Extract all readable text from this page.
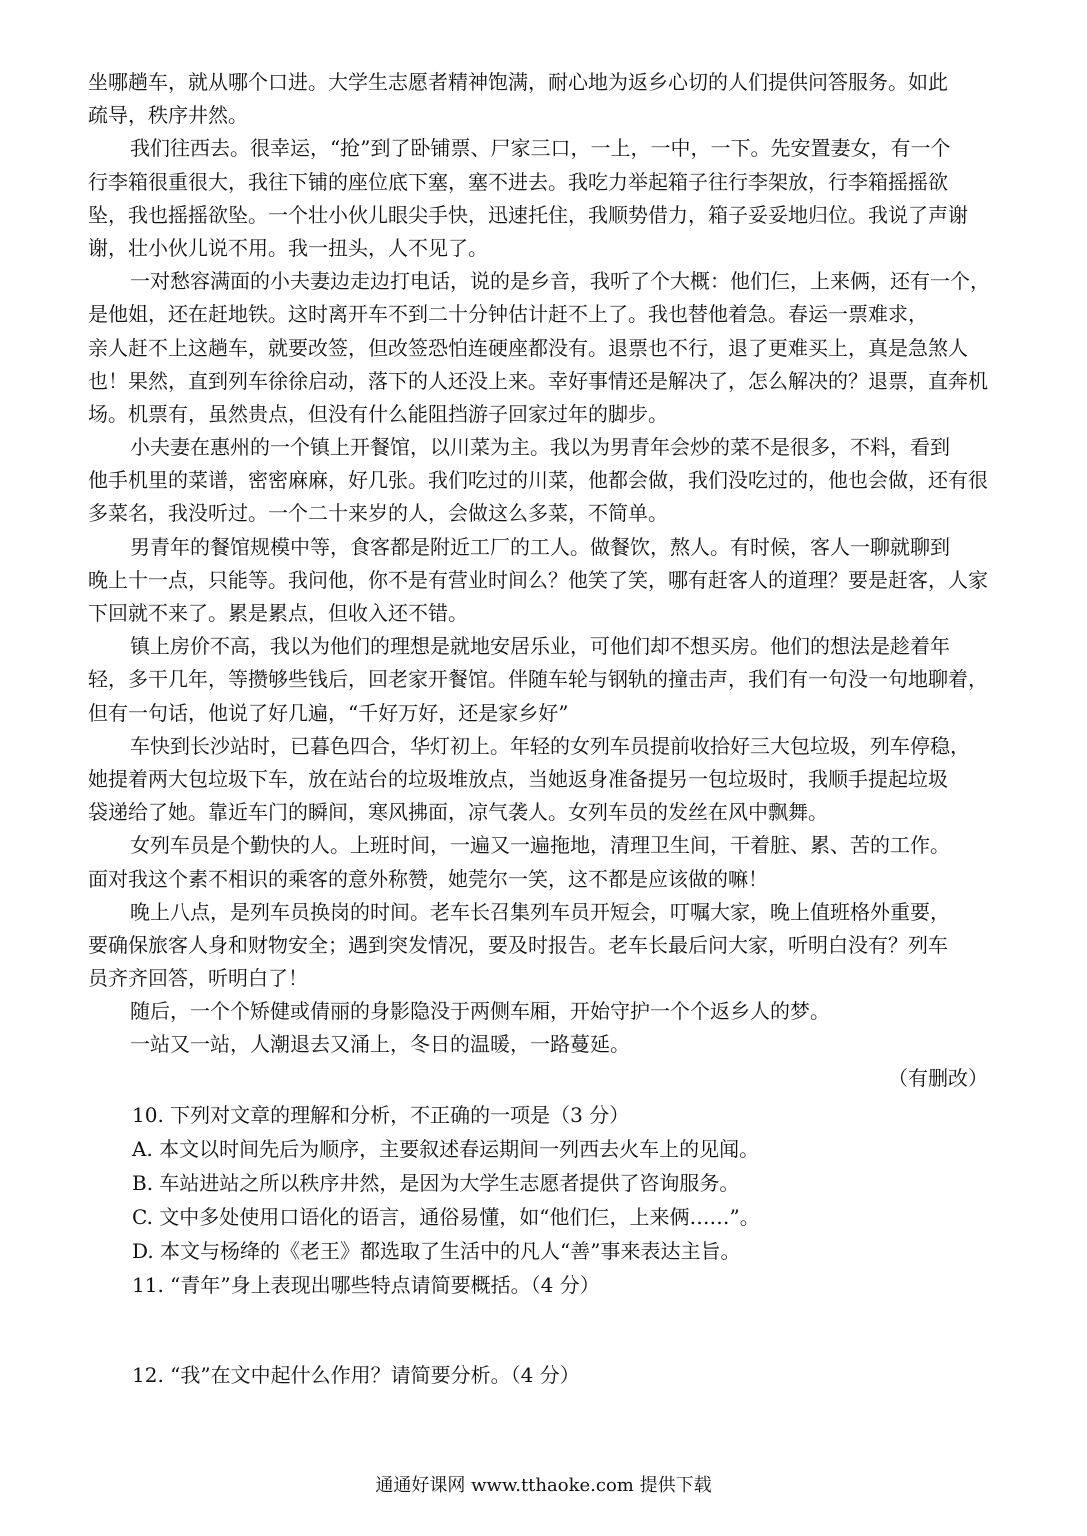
坐哪趟车，就从哪个口进。大学生志愿者精神饱满，耐心地为返乡心切的人们提供问答服务。如此
疏导，秩序井然。
我们往西去。很幸运，“抢”到了卧铺票、尸家三口，一上，一中，一下。先安置妻女，有一个
行李箱很重很大，我往下铺的座位底下塞，塞不进去。我吃力举起箱子往行李架放，行李箱摇摇欲
坠，我也摇摇欲坠。一个壮小伙儿眼尖手快，迅速托住，我顺势借力，箱子妥妥地归位。我说了声谢
谢，壮小伙儿说不用。我一扭头，人不见了。
一对愁容满面的小夫妻边走边打电话，说的是乡音，我听了个大概：他们仨，上来俩，还有一个，
是他姐，还在赶地铁。这时离开车不到二十分钟估计赶不上了。我也替他着急。春运一票难求，
亲人赶不上这趟车，就要改签，但改签恐怕连硬座都没有。退票也不行，退了更难买上，真是急煞人
也！果然，直到列车徐徐启动，落下的人还没上来。幸好事情还是解决了，怎么解决的？退票，直奔机
场。机票有，虽然贵点，但没有什么能阻挡游子回家过年的脚步。
小夫妻在惠州的一个镇上开餐馆，以川菜为主。我以为男青年会炒的菜不是很多，不料，看到
他手机里的菜谱，密密麻麻，好几张。我们吃过的川菜，他都会做，我们没吃过的，他也会做，还有很
多菜名，我没听过。一个二十来岁的人，会做这么多菜，不简单。
男青年的餐馆规模中等，食客都是附近工厂的工人。做餐饮，熬人。有时候，客人一聊就聊到
晚上十一点，只能等。我问他，你不是有营业时间么？他笑了笑，哪有赶客人的道理？要是赶客，人家
下回就不来了。累是累点，但收入还不错。
镇上房价不高，我以为他们的理想是就地安居乐业，可他们却不想买房。他们的想法是趁着年
轻，多干几年，等攒够些钱后，回老家开餐馆。伴随车轮与钢轨的撞击声，我们有一句没一句地聊着，
但有一句话，他说了好几遍，“千好万好，还是家乡好”
车快到长沙站时，已暮色四合，华灯初上。年轻的女列车员提前收拾好三大包垃圾，列车停稳，
她提着两大包垃圾下车，放在站台的垃圾堆放点，当她返身准备提另一包垃圾时，我顺手提起垃圾
袋递给了她。靠近车门的瞬间，寒风拂面，凉气袭人。女列车员的发丝在风中飘舞。
女列车员是个勤快的人。上班时间，一遍又一遍拖地，清理卫生间，干着脏、累、苦的工作。
面对我这个素不相识的乘客的意外称赞，她莞尔一笑，这不都是应该做的嘛！
晚上八点，是列车员换岗的时间。老车长召集列车员开短会，叮嘱大家，晚上值班格外重要，
要确保旅客人身和财物安全；遇到突发情况，要及时报告。老车长最后问大家，听明白没有？列车
员齐齐回答，听明白了！
随后，一个个矫健或倩丽的身影隐没于两侧车厢，开始守护一个个返乡人的梦。
一站又一站，人潮退去又涌上，冬日的温暖，一路蔓延。
（有删改）
10. 下列对文章的理解和分析，不正确的一项是（3 分）
A. 本文以时间先后为顺序，主要叙述春运期间一列西去火车上的见闻。
B. 车站进站之所以秩序井然，是因为大学生志愿者提供了咨询服务。
C. 文中多处使用口语化的语言，通俗易懂，如“他们仨，上来俩……”。
D. 本文与杨绛的《老王》都选取了生活中的凡人“善”事来表达主旨。
11. “青年”身上表现出哪些特点请简要概括。（4 分）
12. “我”在文中起什么作用？请简要分析。（4 分）
通通好课网 www.tthaoke.com 提供下载
